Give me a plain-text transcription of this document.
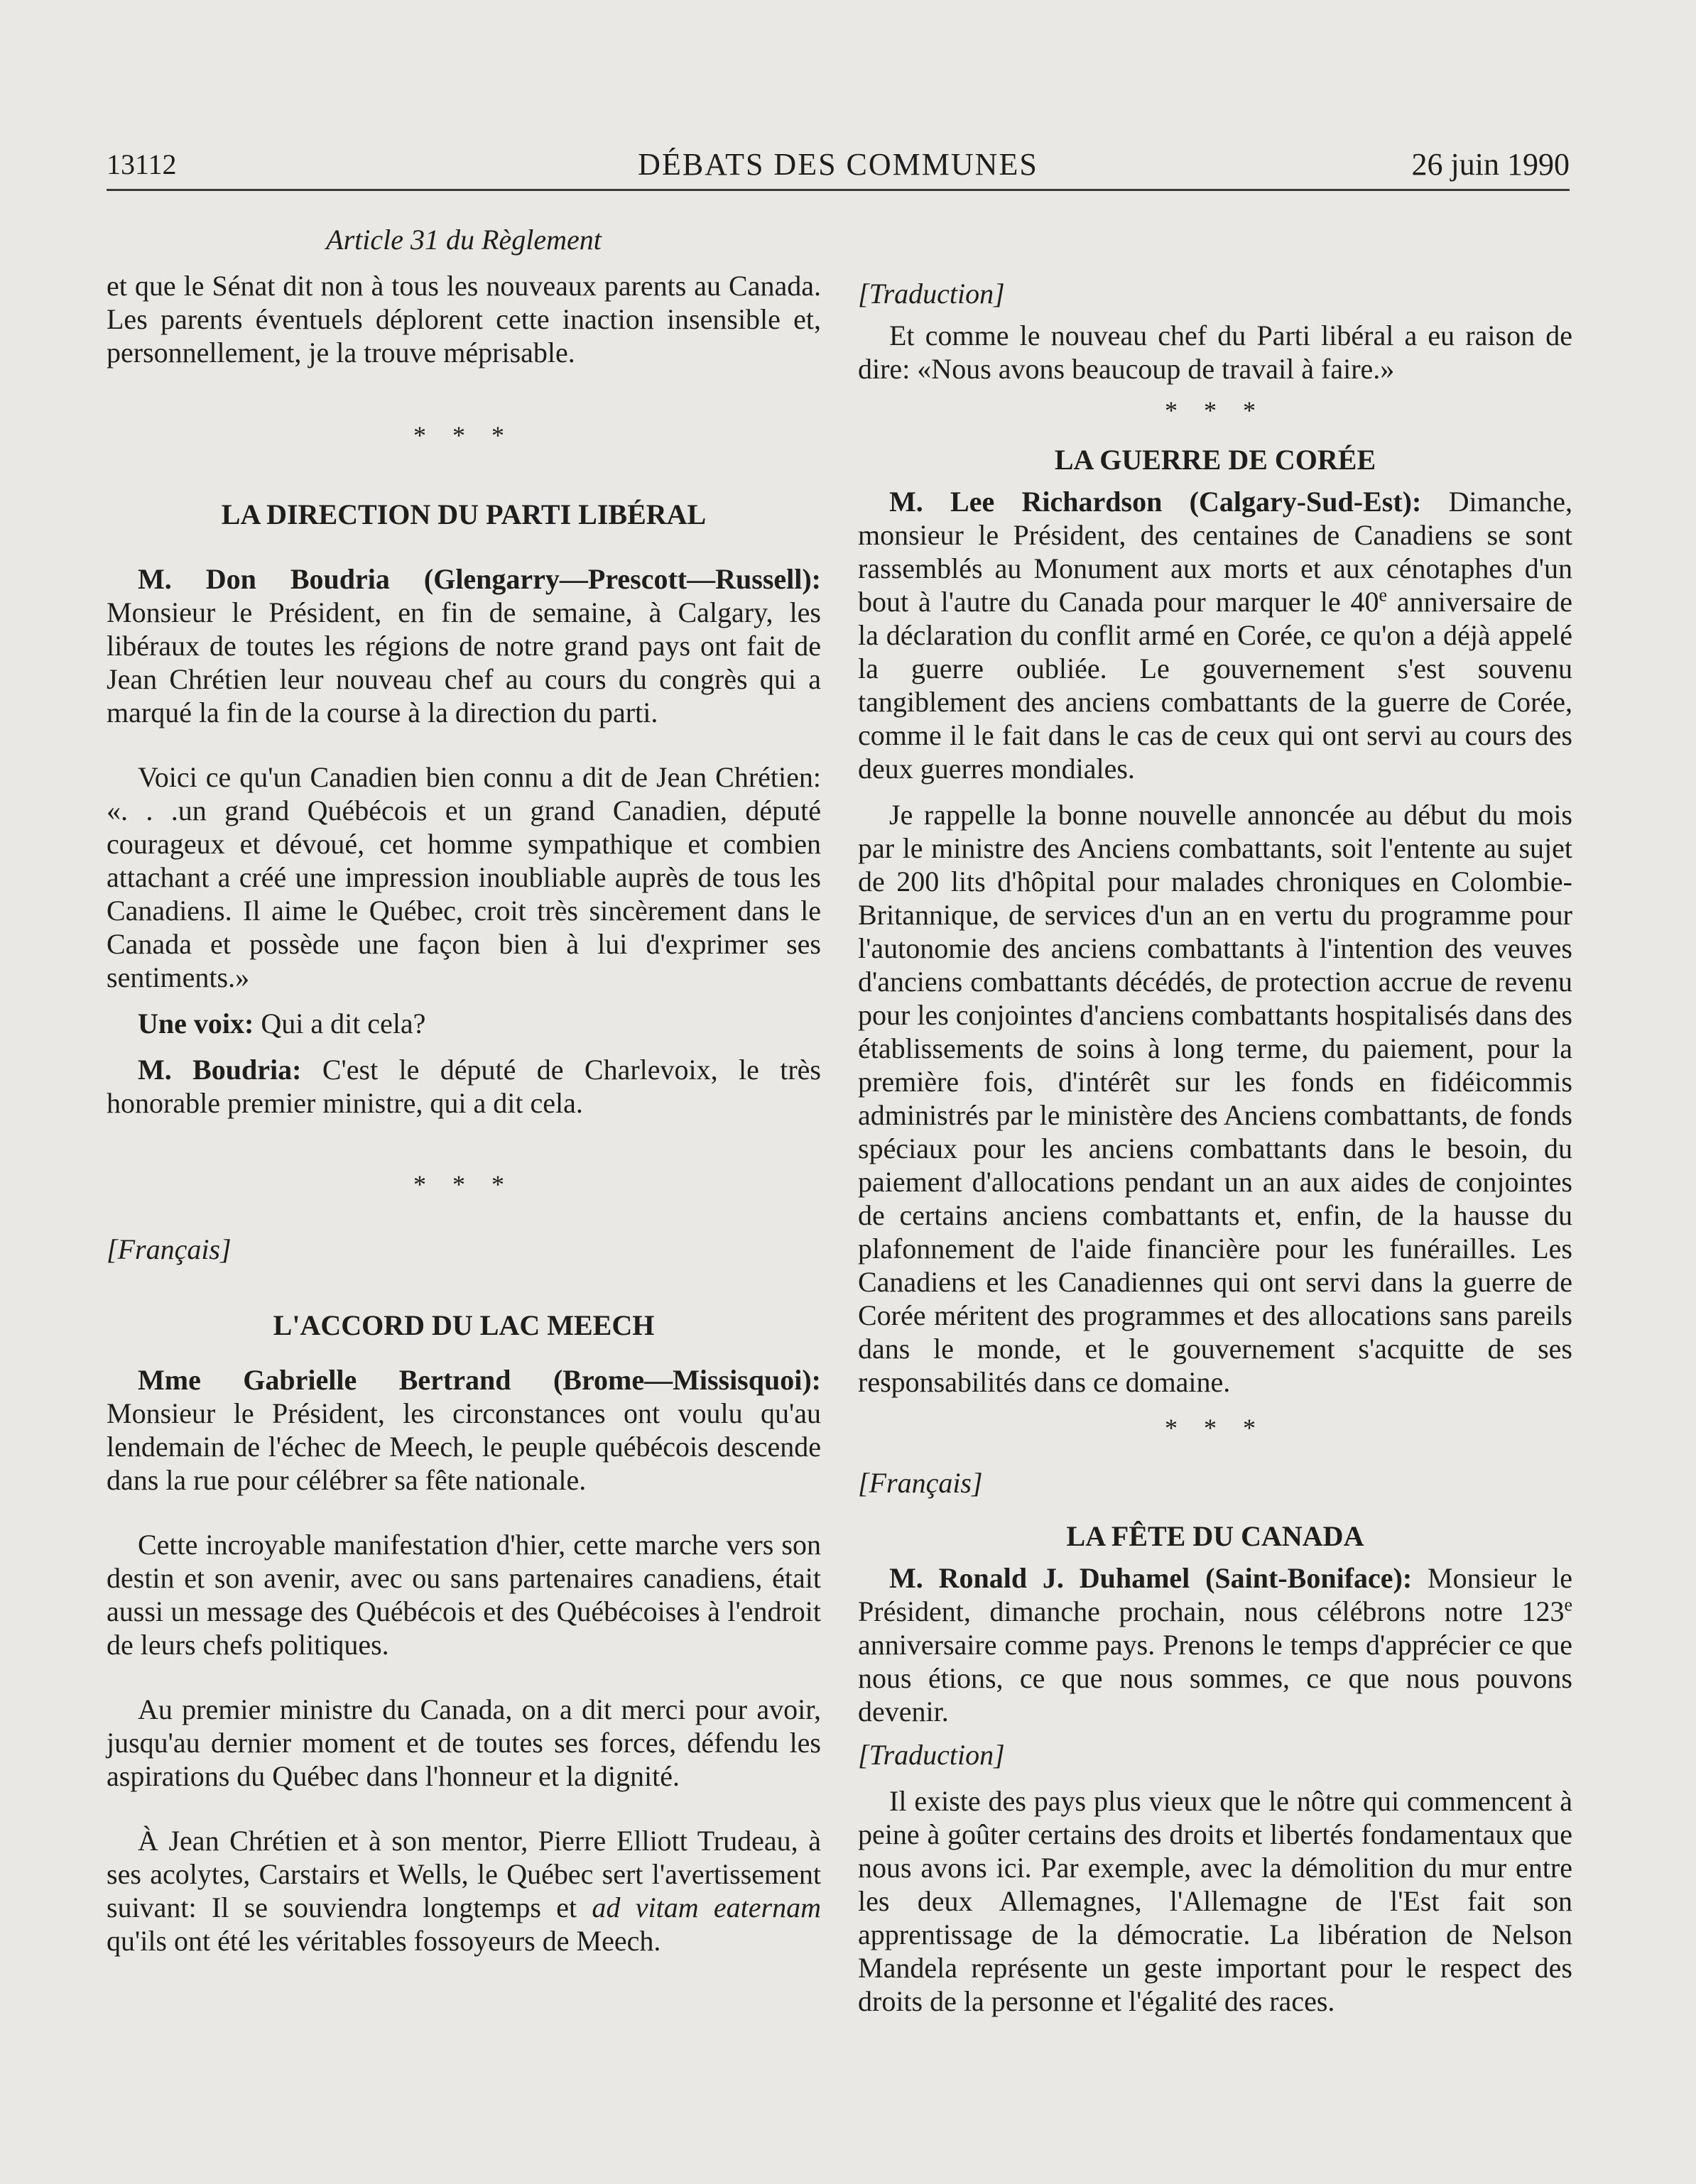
13112	DÉBATS DES COMMUNES	26 juin 1990

Article 31 du Règlement

et que le Sénat dit non à tous les nouveaux parents au Canada. Les parents éventuels déplorent cette inaction insensible et, personnellement, je la trouve méprisable.

* * *

LA DIRECTION DU PARTI LIBÉRAL

M. Don Boudria (Glengarry—Prescott—Russell): Monsieur le Président, en fin de semaine, à Calgary, les libéraux de toutes les régions de notre grand pays ont fait de Jean Chrétien leur nouveau chef au cours du congrès qui a marqué la fin de la course à la direction du parti.

Voici ce qu'un Canadien bien connu a dit de Jean Chrétien: «. . .un grand Québécois et un grand Canadien, député courageux et dévoué, cet homme sympathique et combien attachant a créé une impression inoubliable auprès de tous les Canadiens. Il aime le Québec, croit très sincèrement dans le Canada et possède une façon bien à lui d'exprimer ses sentiments.»

Une voix: Qui a dit cela?

M. Boudria: C'est le député de Charlevoix, le très honorable premier ministre, qui a dit cela.

* * *

[Français]

L'ACCORD DU LAC MEECH

Mme Gabrielle Bertrand (Brome—Missisquoi): Monsieur le Président, les circonstances ont voulu qu'au lendemain de l'échec de Meech, le peuple québécois descende dans la rue pour célébrer sa fête nationale.

Cette incroyable manifestation d'hier, cette marche vers son destin et son avenir, avec ou sans partenaires canadiens, était aussi un message des Québécois et des Québécoises à l'endroit de leurs chefs politiques.

Au premier ministre du Canada, on a dit merci pour avoir, jusqu'au dernier moment et de toutes ses forces, défendu les aspirations du Québec dans l'honneur et la dignité.

À Jean Chrétien et à son mentor, Pierre Elliott Trudeau, à ses acolytes, Carstairs et Wells, le Québec sert l'avertissement suivant: Il se souviendra longtemps et ad vitam eaternam qu'ils ont été les véritables fossoyeurs de Meech.

[Traduction]

Et comme le nouveau chef du Parti libéral a eu raison de dire: «Nous avons beaucoup de travail à faire.»

* * *

LA GUERRE DE CORÉE

M. Lee Richardson (Calgary-Sud-Est): Dimanche, monsieur le Président, des centaines de Canadiens se sont rassemblés au Monument aux morts et aux cénotaphes d'un bout à l'autre du Canada pour marquer le 40e anniversaire de la déclaration du conflit armé en Corée, ce qu'on a déjà appelé la guerre oubliée. Le gouvernement s'est souvenu tangiblement des anciens combattants de la guerre de Corée, comme il le fait dans le cas de ceux qui ont servi au cours des deux guerres mondiales.

Je rappelle la bonne nouvelle annoncée au début du mois par le ministre des Anciens combattants, soit l'entente au sujet de 200 lits d'hôpital pour malades chroniques en Colombie-Britannique, de services d'un an en vertu du programme pour l'autonomie des anciens combattants à l'intention des veuves d'anciens combattants décédés, de protection accrue de revenu pour les conjointes d'anciens combattants hospitalisés dans des établissements de soins à long terme, du paiement, pour la première fois, d'intérêt sur les fonds en fidéicommis administrés par le ministère des Anciens combattants, de fonds spéciaux pour les anciens combattants dans le besoin, du paiement d'allocations pendant un an aux aides de conjointes de certains anciens combattants et, enfin, de la hausse du plafonnement de l'aide financière pour les funérailles. Les Canadiens et les Canadiennes qui ont servi dans la guerre de Corée méritent des programmes et des allocations sans pareils dans le monde, et le gouvernement s'acquitte de ses responsabilités dans ce domaine.

* * *

[Français]

LA FÊTE DU CANADA

M. Ronald J. Duhamel (Saint-Boniface): Monsieur le Président, dimanche prochain, nous célébrons notre 123e anniversaire comme pays. Prenons le temps d'apprécier ce que nous étions, ce que nous sommes, ce que nous pouvons devenir.

[Traduction]

Il existe des pays plus vieux que le nôtre qui commencent à peine à goûter certains des droits et libertés fondamentaux que nous avons ici. Par exemple, avec la démolition du mur entre les deux Allemagnes, l'Allemagne de l'Est fait son apprentissage de la démocratie. La libération de Nelson Mandela représente un geste important pour le respect des droits de la personne et l'égalité des races.
